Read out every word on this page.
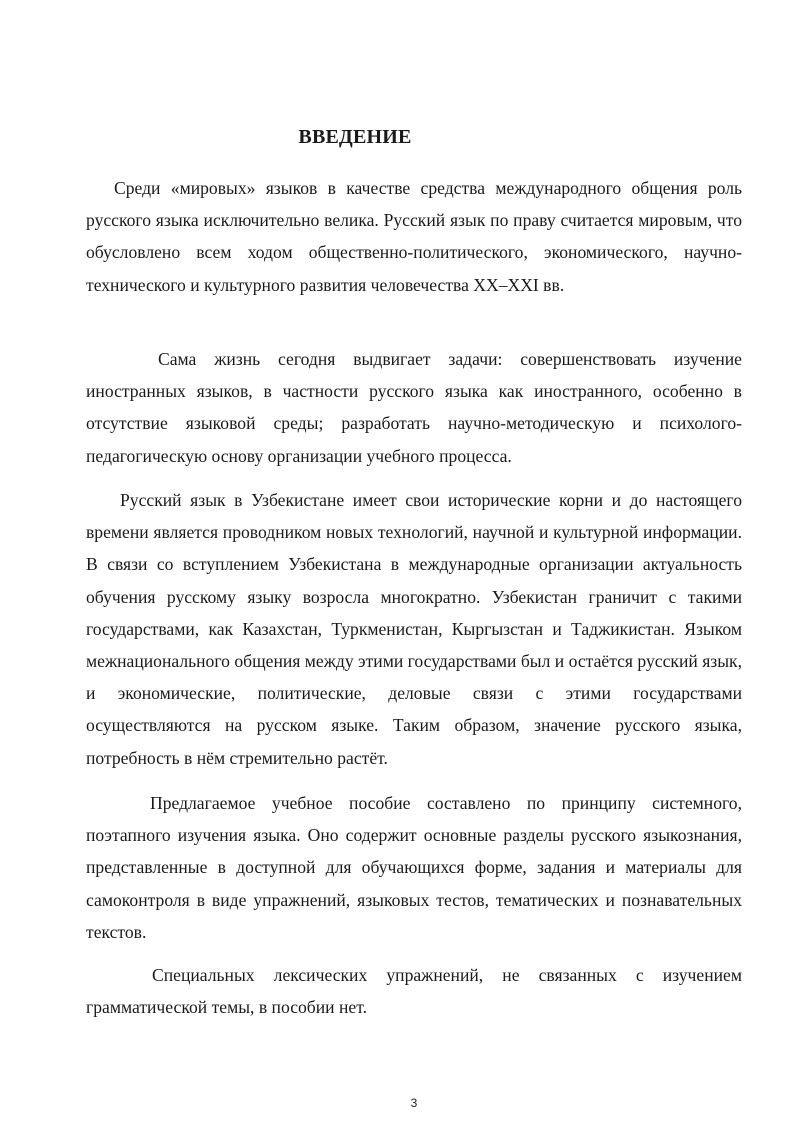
ВВЕДЕНИЕ

Среди «мировых» языков в качестве средства международного общения роль русского языка исключительно велика. Русский язык по праву считается мировым, что обусловлено всем ходом общественно-политического, экономического, научно-технического и культурного развития человечества XX–XXI вв.

Сама жизнь сегодня выдвигает задачи: совершенствовать изучение иностранных языков, в частности русского языка как иностранного, особенно в отсутствие языковой среды; разработать научно-методическую и психолого-педагогическую основу организации учебного процесса.

Русский язык в Узбекистане имеет свои исторические корни и до настоящего времени является проводником новых технологий, научной и культурной информации. В связи со вступлением Узбекистана в международные организации актуальность обучения русскому языку возросла многократно. Узбекистан граничит с такими государствами, как Казахстан, Туркменистан, Кыргызстан и Таджикистан. Языком межнационального общения между этими государствами был и остаётся русский язык, и экономические, политические, деловые связи с этими государствами осуществляются на русском языке. Таким образом, значение русского языка, потребность в нём стремительно растёт.

Предлагаемое учебное пособие составлено по принципу системного, поэтапного изучения языка. Оно содержит основные разделы русского языкознания, представленные в доступной для обучающихся форме, задания и материалы для самоконтроля в виде упражнений, языковых тестов, тематических и познавательных текстов.

Специальных лексических упражнений, не связанных с изучением грамматической темы, в пособии нет.

3
